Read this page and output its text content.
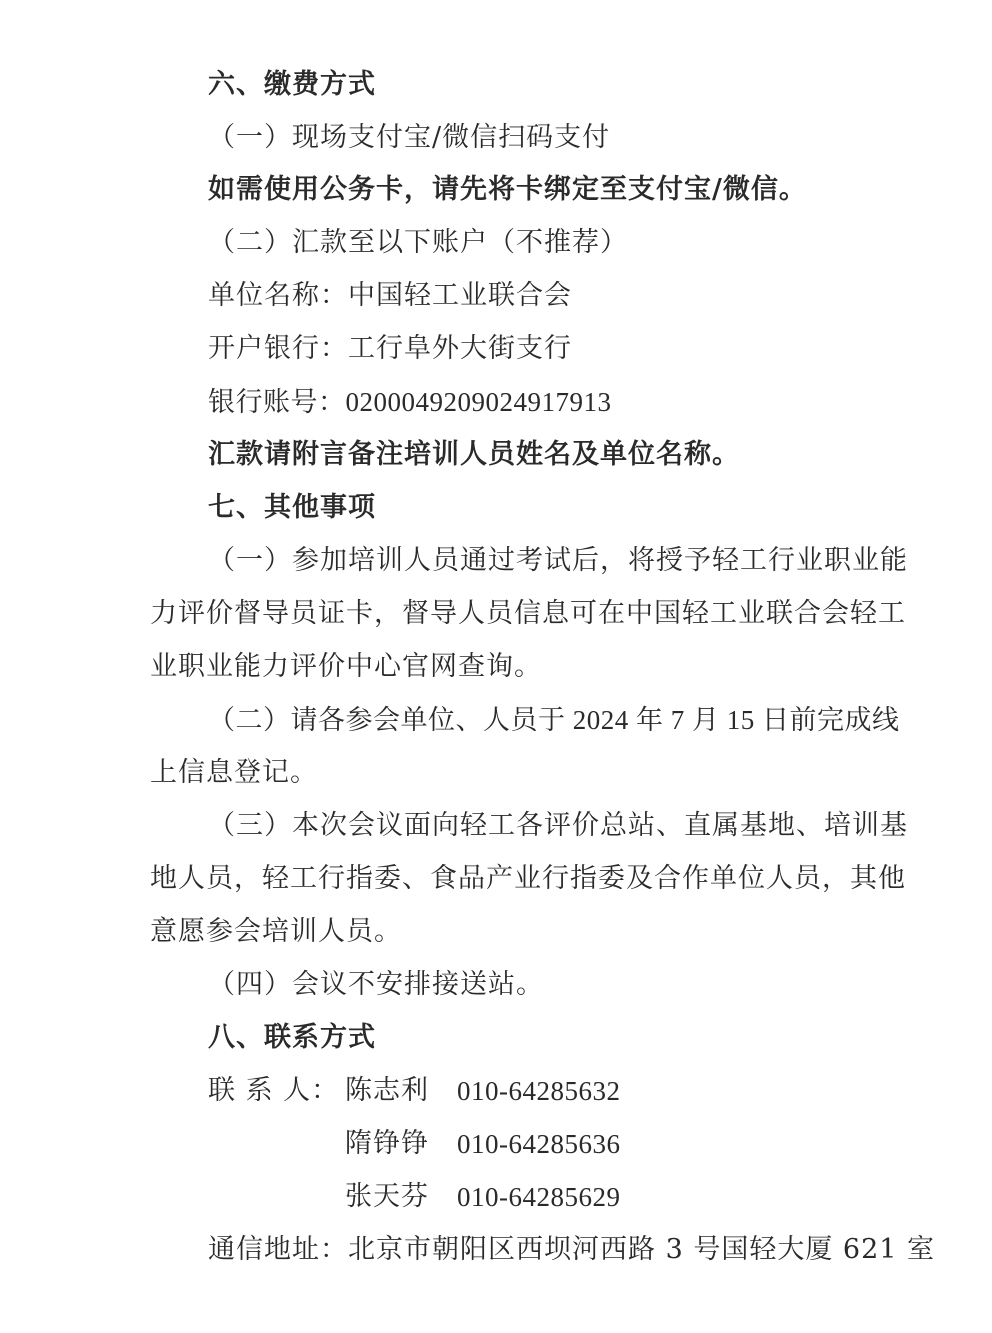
六、缴费方式
（一）现场支付宝/微信扫码支付
如需使用公务卡，请先将卡绑定至支付宝/微信。
（二）汇款至以下账户（不推荐）
单位名称：中国轻工业联合会
开户银行：工行阜外大街支行
银行账号：0200049209024917913
汇款请附言备注培训人员姓名及单位名称。
七、其他事项
（一）参加培训人员通过考试后，将授予轻工行业职业能
力评价督导员证卡，督导人员信息可在中国轻工业联合会轻工
业职业能力评价中心官网查询。
（二）请各参会单位、人员于 2024 年 7 月 15 日前完成线
上信息登记。
（三）本次会议面向轻工各评价总站、直属基地、培训基
地人员，轻工行指委、食品产业行指委及合作单位人员，其他
意愿参会培训人员。
（四）会议不安排接送站。
八、联系方式
联 系 人： 陈志利 010-64285632
隋铮铮 010-64285636
张天芬 010-64285629
通信地址：北京市朝阳区西坝河西路 3 号国轻大厦 621 室
